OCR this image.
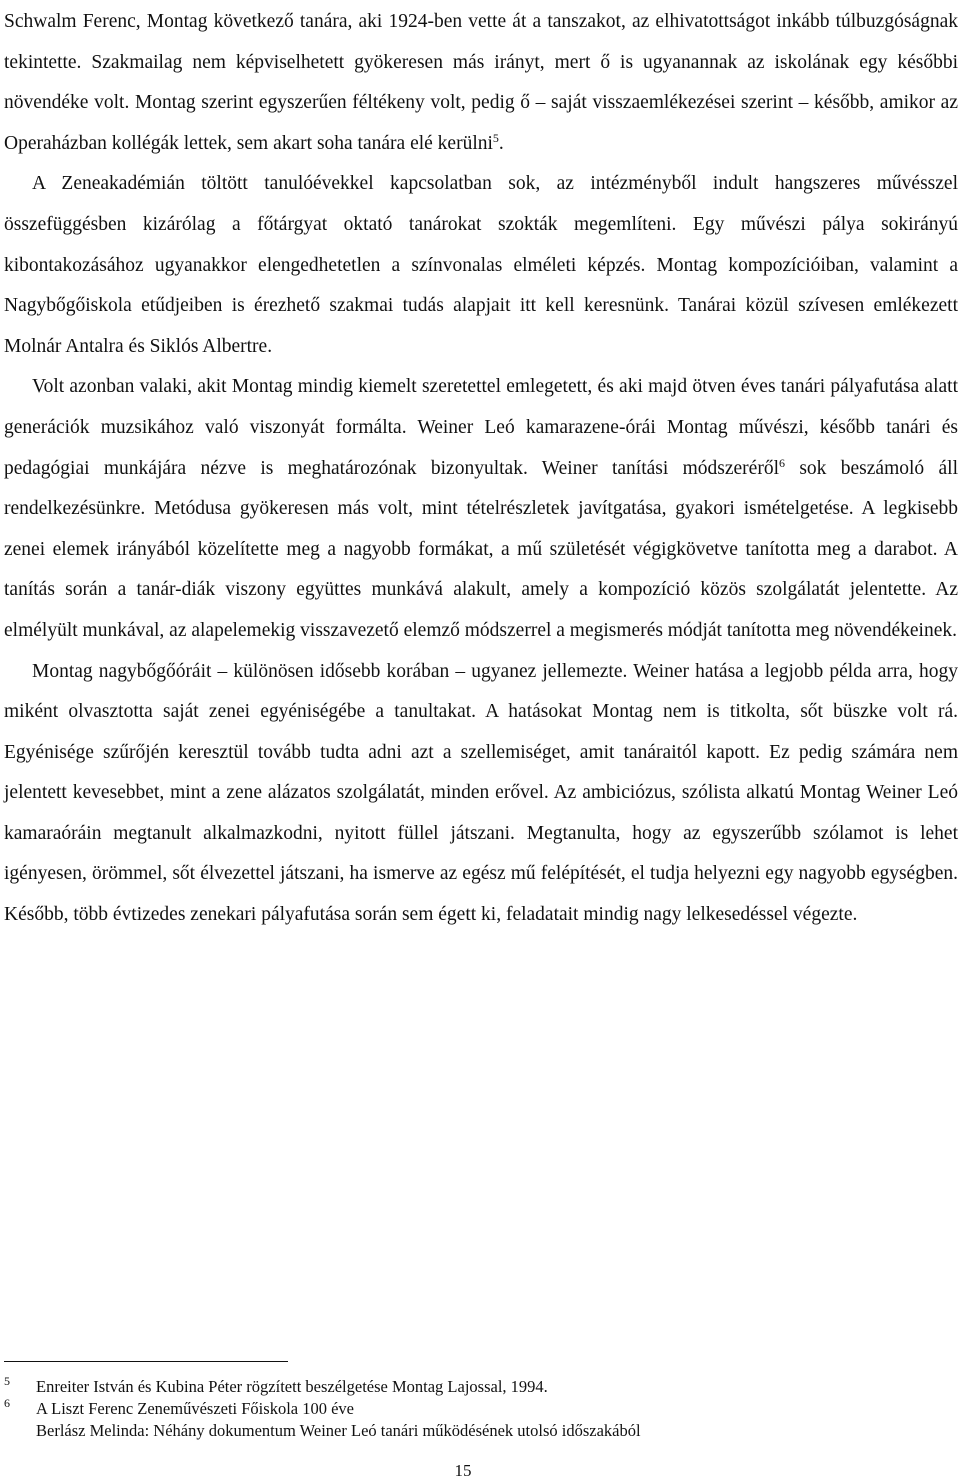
Schwalm Ferenc, Montag következő tanára, aki 1924-ben vette át a tanszakot, az elhivatottságot inkább túlbuzgóságnak tekintette. Szakmailag nem képviselhetett gyökeresen más irányt, mert ő is ugyanannak az iskolának egy későbbi növendéke volt. Montag szerint egyszerűen féltékeny volt, pedig ő – saját visszaemlékezései szerint – később, amikor az Operaházban kollégák lettek, sem akart soha tanára elé kerülni$^5$.

A Zeneakadémián töltött tanulóévekkel kapcsolatban sok, az intézményből indult hangszeres művésszel összefüggésben kizárólag a főtárgyat oktató tanárokat szokták megemlíteni. Egy művészi pálya sokirányú kibontakozásához ugyanakkor elengedhetetlen a színvonalas elméleti képzés. Montag kompozícióiban, valamint a Nagybőgőiskola etűdjeiben is érezhető szakmai tudás alapjait itt kell keresnünk. Tanárai közül szívesen emlékezett Molnár Antalra és Siklós Albertre.

Volt azonban valaki, akit Montag mindig kiemelt szeretettel emlegetett, és aki majd ötven éves tanári pályafutása alatt generációk muzsikához való viszonyát formálta. Weiner Leó kamarazene-órái Montag művészi, később tanári és pedagógiai munkájára nézve is meghatározónak bizonyultak. Weiner tanítási módszeréről$^6$ sok beszámoló áll rendelkezésünkre. Metódusa gyökeresen más volt, mint tételrészletek javítgatása, gyakori ismételgetése. A legkisebb zenei elemek irányából közelítette meg a nagyobb formákat, a mű születését végigkövetve tanította meg a darabot. A tanítás során a tanár-diák viszony együttes munkává alakult, amely a kompozíció közös szolgálatát jelentette. Az elmélyült munkával, az alapelemekig visszavezető elemző módszerrel a megismerés módját tanította meg növendékeinek.

Montag nagybőgőóráit – különösen idősebb korában – ugyanez jellemezte. Weiner hatása a legjobb példa arra, hogy miként olvasztotta saját zenei egyéniségébe a tanultakat. A hatásokat Montag nem is titkolta, sőt büszke volt rá. Egyénisége szűrőjén keresztül tovább tudta adni azt a szellemiséget, amit tanáraitól kapott. Ez pedig számára nem jelentett kevesebbet, mint a zene alázatos szolgálatát, minden erővel. Az ambiciózus, szólista alkatú Montag Weiner Leó kamaraóráin megtanult alkalmazkodni, nyitott füllel játszani. Megtanulta, hogy az egyszerűbb szólamot is lehet igényesen, örömmel, sőt élvezettel játszani, ha ismerve az egész mű felépítését, el tudja helyezni egy nagyobb egységben. Később, több évtizedes zenekari pályafutása során sem égett ki, feladatait mindig nagy lelkesedéssel végezte.

5 Enreiter István és Kubina Péter rögzített beszélgetése Montag Lajossal, 1994.

6 A Liszt Ferenc Zeneművészeti Főiskola 100 éve

Berlász Melinda: Néhány dokumentum Weiner Leó tanári működésének utolsó időszakából

15
